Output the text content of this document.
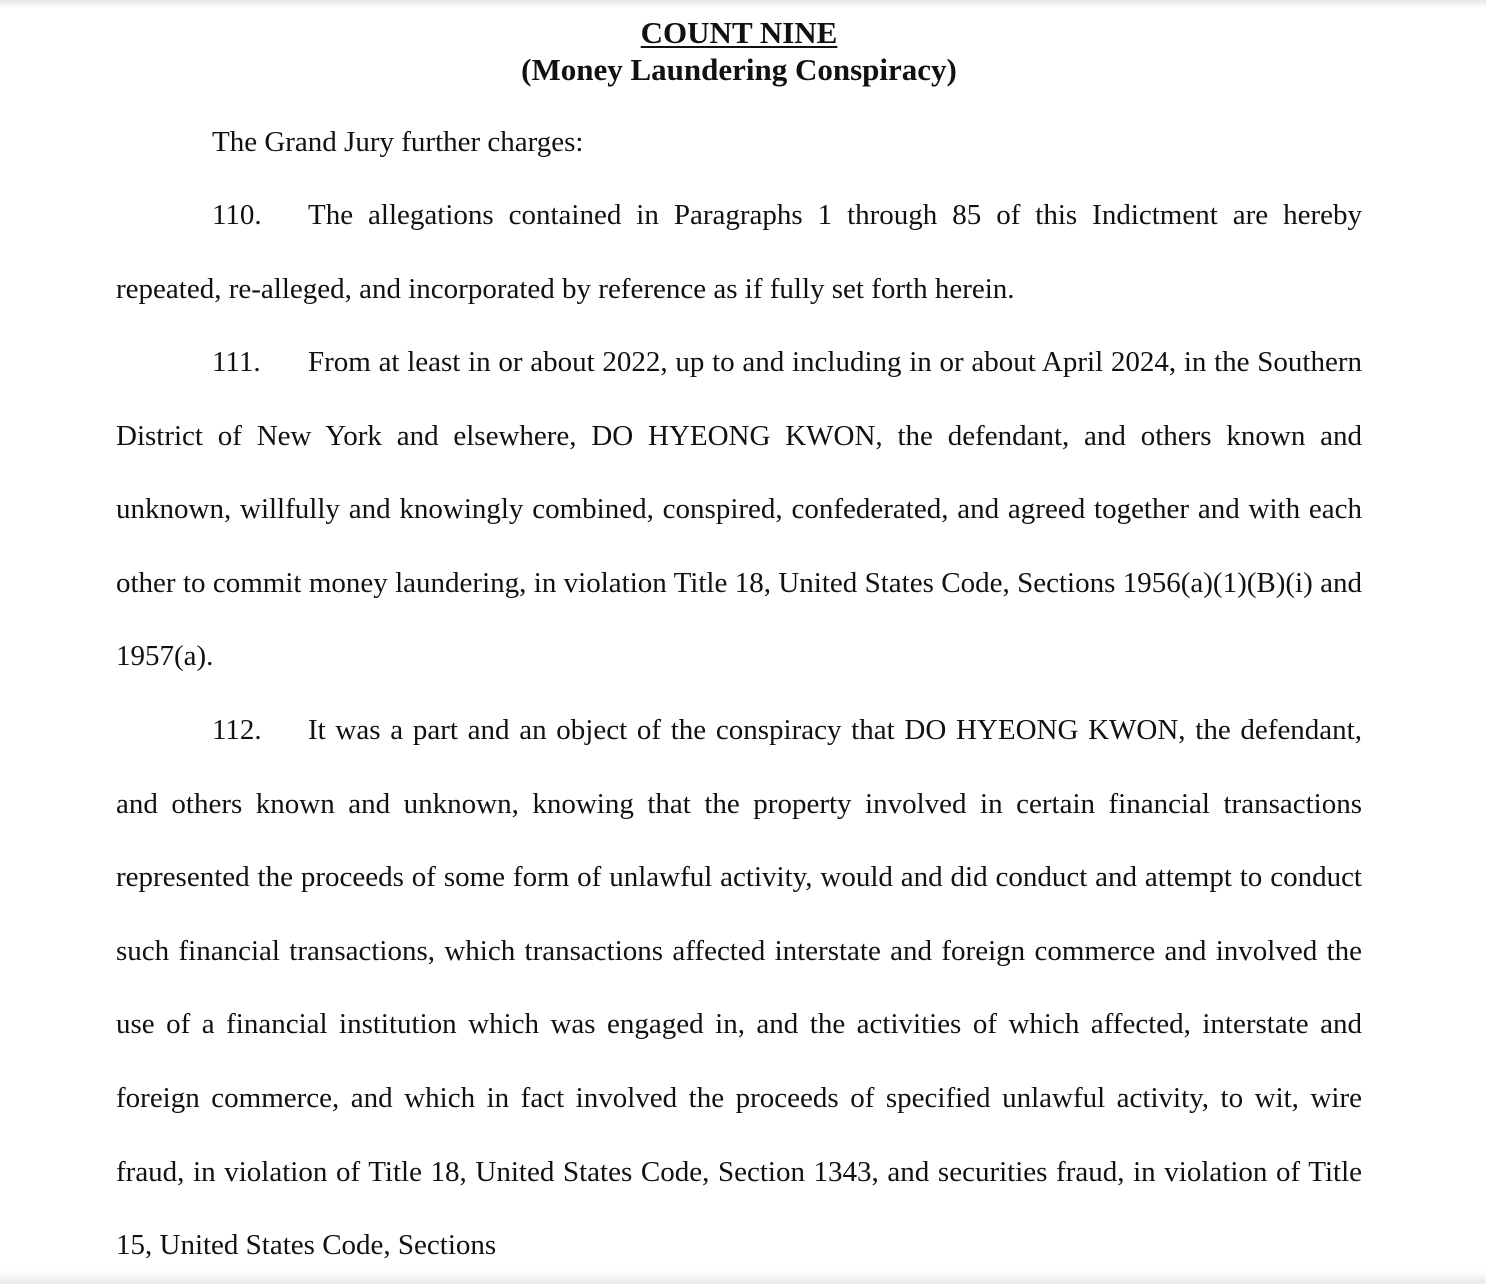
COUNT NINE
(Money Laundering Conspiracy)

The Grand Jury further charges:

110. The allegations contained in Paragraphs 1 through 85 of this Indictment are hereby repeated, re-alleged, and incorporated by reference as if fully set forth herein.

111. From at least in or about 2022, up to and including in or about April 2024, in the Southern District of New York and elsewhere, DO HYEONG KWON, the defendant, and others known and unknown, willfully and knowingly combined, conspired, confederated, and agreed together and with each other to commit money laundering, in violation Title 18, United States Code, Sections 1956(a)(1)(B)(i) and 1957(a).

112. It was a part and an object of the conspiracy that DO HYEONG KWON, the defendant, and others known and unknown, knowing that the property involved in certain financial transactions represented the proceeds of some form of unlawful activity, would and did conduct and attempt to conduct such financial transactions, which transactions affected interstate and foreign commerce and involved the use of a financial institution which was engaged in, and the activities of which affected, interstate and foreign commerce, and which in fact involved the proceeds of specified unlawful activity, to wit, wire fraud, in violation of Title 18, United States Code, Section 1343, and securities fraud, in violation of Title 15, United States Code, Sections
